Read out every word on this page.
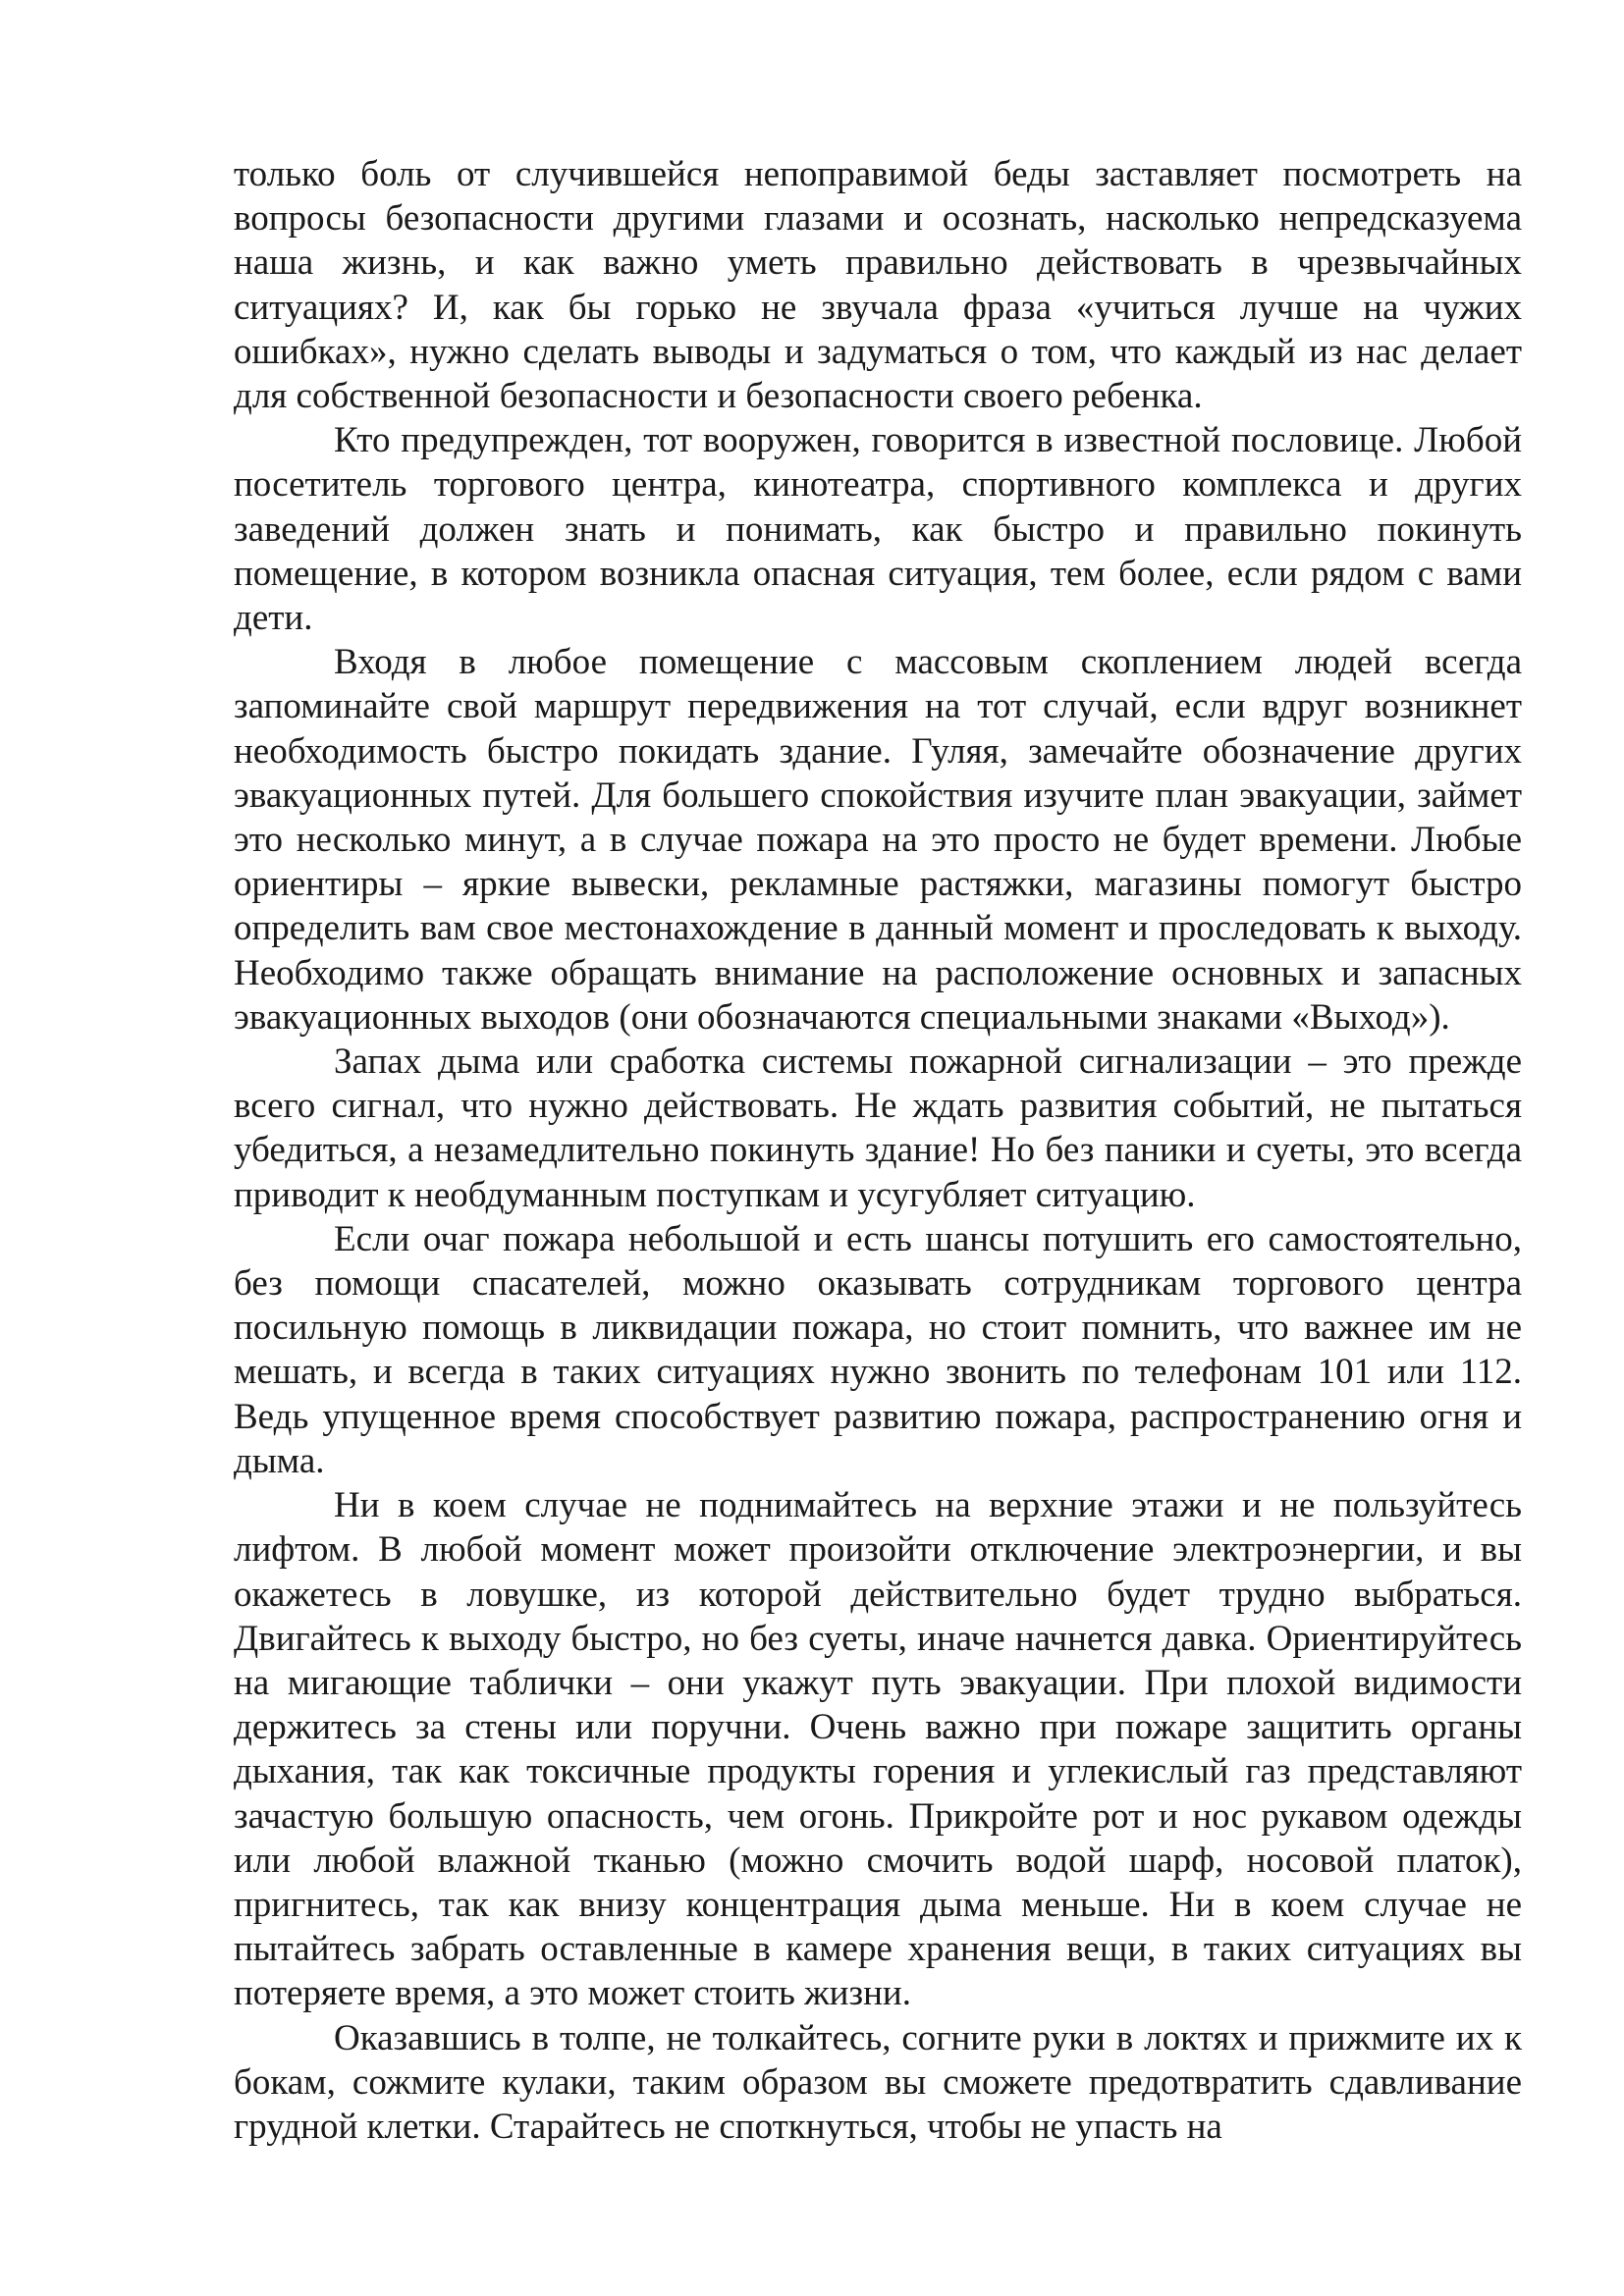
только боль от случившейся непоправимой беды заставляет посмотреть на вопросы безопасности другими глазами и осознать, насколько непредсказуема наша жизнь, и как важно уметь правильно действовать в чрезвычайных ситуациях? И, как бы горько не звучала фраза «учиться лучше на чужих ошибках», нужно сделать выводы и задуматься о том, что каждый из нас делает для собственной безопасности и безопасности своего ребенка.

Кто предупрежден, тот вооружен, говорится в известной пословице. Любой посетитель торгового центра, кинотеатра, спортивного комплекса и других заведений должен знать и понимать, как быстро и правильно покинуть помещение, в котором возникла опасная ситуация, тем более, если рядом с вами дети.

Входя в любое помещение с массовым скоплением людей всегда запоминайте свой маршрут передвижения на тот случай, если вдруг возникнет необходимость быстро покидать здание. Гуляя, замечайте обозначение других эвакуационных путей. Для большего спокойствия изучите план эвакуации, займет это несколько минут, а в случае пожара на это просто не будет времени. Любые ориентиры – яркие вывески, рекламные растяжки, магазины помогут быстро определить вам свое местонахождение в данный момент и проследовать к выходу. Необходимо также обращать внимание на расположение основных и запасных эвакуационных выходов (они обозначаются специальными знаками «Выход»).

Запах дыма или сработка системы пожарной сигнализации – это прежде всего сигнал, что нужно действовать. Не ждать развития событий, не пытаться убедиться, а незамедлительно покинуть здание! Но без паники и суеты, это всегда приводит к необдуманным поступкам и усугубляет ситуацию.

Если очаг пожара небольшой и есть шансы потушить его самостоятельно, без помощи спасателей, можно оказывать сотрудникам торгового центра посильную помощь в ликвидации пожара, но стоит помнить, что важнее им не мешать, и всегда в таких ситуациях нужно звонить по телефонам 101 или 112. Ведь упущенное время способствует развитию пожара, распространению огня и дыма.

Ни в коем случае не поднимайтесь на верхние этажи и не пользуйтесь лифтом. В любой момент может произойти отключение электроэнергии, и вы окажетесь в ловушке, из которой действительно будет трудно выбраться. Двигайтесь к выходу быстро, но без суеты, иначе начнется давка. Ориентируйтесь на мигающие таблички – они укажут путь эвакуации. При плохой видимости держитесь за стены или поручни. Очень важно при пожаре защитить органы дыхания, так как токсичные продукты горения и углекислый газ представляют зачастую большую опасность, чем огонь. Прикройте рот и нос рукавом одежды или любой влажной тканью (можно смочить водой шарф, носовой платок), пригнитесь, так как внизу концентрация дыма меньше. Ни в коем случае не пытайтесь забрать оставленные в камере хранения вещи, в таких ситуациях вы потеряете время, а это может стоить жизни.

Оказавшись в толпе, не толкайтесь, согните руки в локтях и прижмите их к бокам, сожмите кулаки, таким образом вы сможете предотвратить сдавливание грудной клетки. Старайтесь не споткнуться, чтобы не упасть на
